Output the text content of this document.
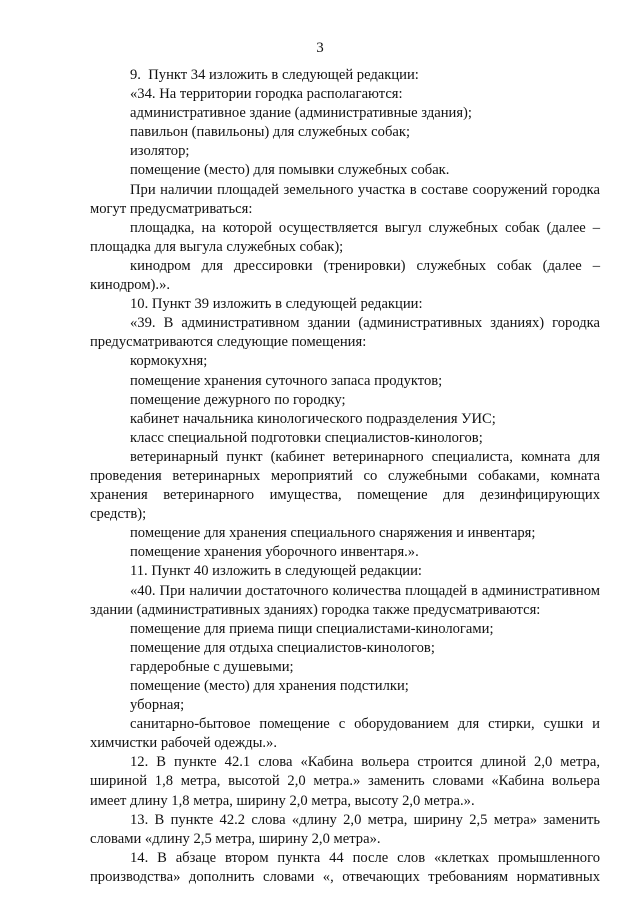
3

9.  Пункт 34 изложить в следующей редакции:

«34. На территории городка располагаются:

административное здание (административные здания);

павильон (павильоны) для служебных собак;

изолятор;

помещение (место) для помывки служебных собак.

При наличии площадей земельного участка в составе сооружений городка могут предусматриваться:

площадка, на которой осуществляется выгул служебных собак (далее – площадка для выгула служебных собак);

кинодром для дрессировки (тренировки) служебных собак (далее – кинодром).».

10. Пункт 39 изложить в следующей редакции:

«39. В административном здании (административных зданиях) городка предусматриваются следующие помещения:

кормокухня;

помещение хранения суточного запаса продуктов;

помещение дежурного по городку;

кабинет начальника кинологического подразделения УИС;

класс специальной подготовки специалистов-кинологов;

ветеринарный пункт (кабинет ветеринарного специалиста, комната для проведения ветеринарных мероприятий со служебными собаками, комната хранения ветеринарного имущества, помещение для дезинфицирующих средств);

помещение для хранения специального снаряжения и инвентаря;

помещение хранения уборочного инвентаря.».

11. Пункт 40 изложить в следующей редакции:

«40. При наличии достаточного количества площадей в административном здании (административных зданиях) городка также предусматриваются:

помещение для приема пищи специалистами-кинологами;

помещение для отдыха специалистов-кинологов;

гардеробные с душевыми;

помещение (место) для хранения подстилки;

уборная;

санитарно-бытовое помещение с оборудованием для стирки, сушки и химчистки рабочей одежды.».

12. В пункте 42.1 слова «Кабина вольера строится длиной 2,0 метра, шириной 1,8 метра, высотой 2,0 метра.» заменить словами «Кабина вольера имеет длину 1,8 метра, ширину 2,0 метра, высоту 2,0 метра.».

13. В пункте 42.2 слова «длину 2,0 метра, ширину 2,5 метра» заменить словами «длину 2,5 метра, ширину 2,0 метра».

14. В абзаце втором пункта 44 после слов «клетках промышленного производства» дополнить словами «, отвечающих требованиям нормативных
